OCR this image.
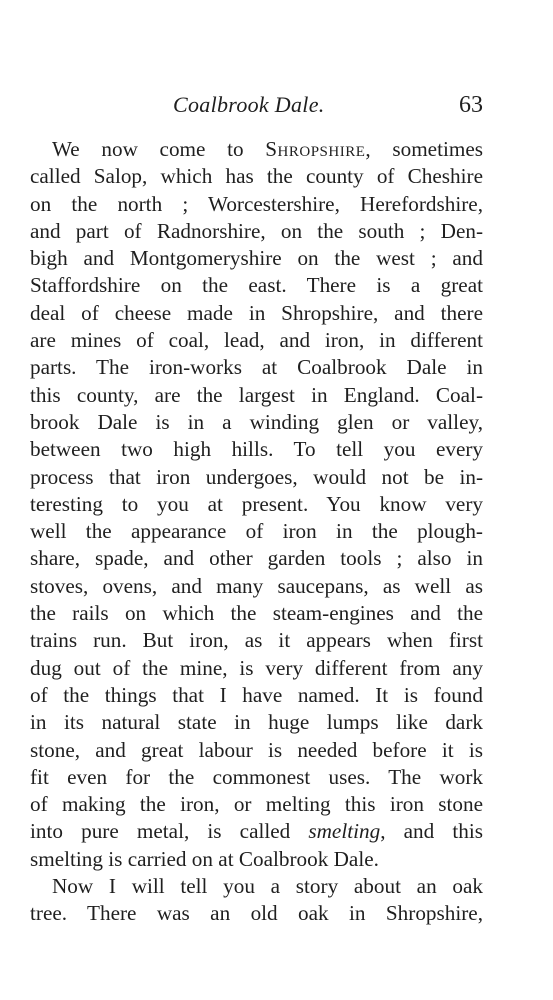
Coalbrook Dale.	63
We now come to Shropshire, sometimes
called Salop, which has the county of Cheshire
on the north ; Worcestershire, Herefordshire,
and part of Radnorshire, on the south ; Den-
bigh and Montgomeryshire on the west ; and
Staffordshire on the east. There is a great
deal of cheese made in Shropshire, and there
are mines of coal, lead, and iron, in different
parts. The iron-works at Coalbrook Dale in
this county, are the largest in England. Coal-
brook Dale is in a winding glen or valley,
between two high hills. To tell you every
process that iron undergoes, would not be in-
teresting to you at present. You know very
well the appearance of iron in the plough-
share, spade, and other garden tools ; also in
stoves, ovens, and many saucepans, as well as
the rails on which the steam-engines and the
trains run. But iron, as it appears when first
dug out of the mine, is very different from any
of the things that I have named. It is found
in its natural state in huge lumps like dark
stone, and great labour is needed before it is
fit even for the commonest uses. The work
of making the iron, or melting this iron stone
into pure metal, is called smelting, and this
smelting is carried on at Coalbrook Dale.
Now I will tell you a story about an oak
tree. There was an old oak in Shropshire,
